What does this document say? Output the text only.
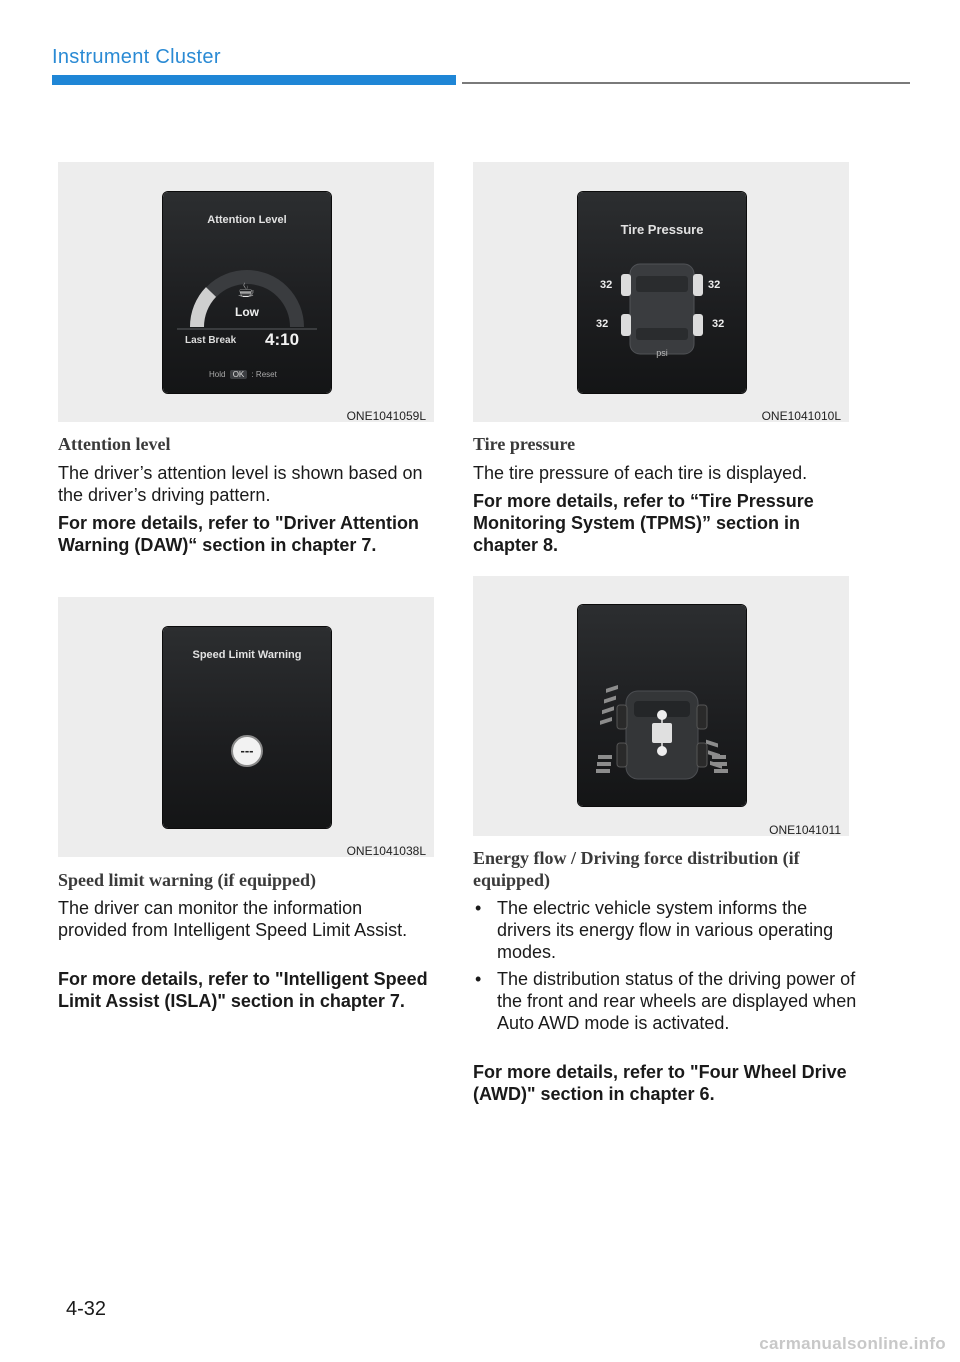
Instrument Cluster
Attention Level
☕
Low
Last Break 4:10
Hold OK : Reset
ONE1041059L
Attention level
The driver’s attention level is shown based on the driver’s driving pattern.
For more details, refer to "Driver Attention Warning (DAW)“ section in chapter 7.
Speed Limit Warning
---
ONE1041038L
Speed limit warning (if equipped)
The driver can monitor the information provided from Intelligent Speed Limit Assist.
For more details, refer to "Intelligent Speed Limit Assist (ISLA)" section in chapter 7.
Tire Pressure
32	32
32	32
psi
ONE1041010L
Tire pressure
The tire pressure of each tire is displayed.
For more details, refer to “Tire Pressure Monitoring System (TPMS)” section in chapter 8.
ONE1041011
Energy flow / Driving force distribution (if equipped)
• The electric vehicle system informs the drivers its energy flow in various operating modes.
• The distribution status of the driving power of the front and rear wheels are displayed when Auto AWD mode is activated.
For more details, refer to "Four Wheel Drive (AWD)" section in chapter 6.
4-32
carmanualsonline.info
